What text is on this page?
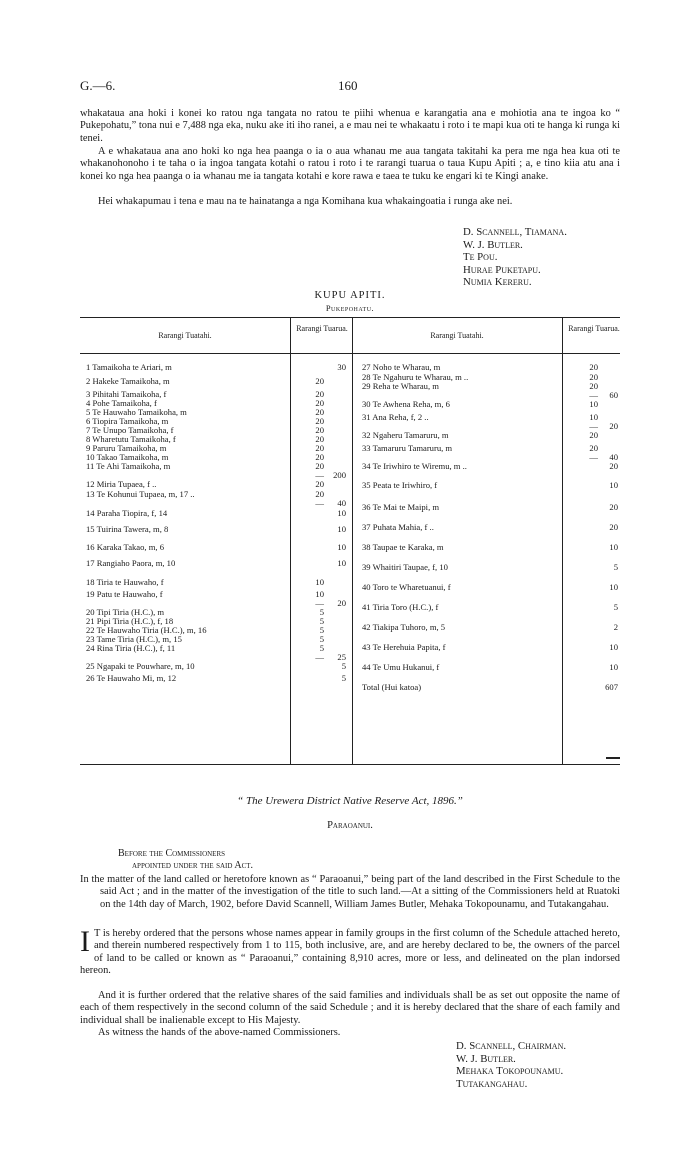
G.—6.	160
whakataua ana hoki i konei ko ratou nga tangata no ratou te piihi whenua e karangatia ana e mohiotia ana te ingoa ko “ Pukepohatu,” tona nui e 7,488 nga eka, nuku ake iti iho ranei, a e mau nei te whakaatu i roto i te mapi kua oti te hanga ki runga ki tenei.
A e whakataua ana ano hoki ko nga hea paanga o ia o aua whanau me aua tangata takitahi ka pera me nga hea kua oti te whakanohonoho i te taha o ia ingoa tangata kotahi o ratou i roto i te rarangi tuarua o taua Kupu Apiti ; a, e tino kiia atu ana i konei ko nga hea paanga o ia whanau me ia tangata kotahi e kore rawa e taea te tuku ke engari ki te Kingi anake.
Hei whakapumau i tena e mau na te hainatanga a nga Komihana kua whakaingoatia i runga ake nei.
D. Scannell, Tiamana.
W. J. Butler.
Te Pou.
Hurae Puketapu.
Numia Kereru.
KUPU APITI.
Pukepohatu.
Rarangi Tuatahi.
Rarangi Tuarua.
Rarangi Tuatahi.
Rarangi Tuarua.
1 Tamaikoha te Ariari, m	30
2 Hakeke Tamaikoha, m	20
3 Pihitahi Tamaikoha, f	20
4 Pohe Tamaikoha, f	20
5 Te Hauwaho Tamaikoha, m	20
6 Tiopira Tamaikoha, m	20
7 Te Unupo Tamaikoha, f	20
8 Wharetutu Tamaikoha, f	20
9 Paruru Tamaikoha, m	20
10 Takao Tamaikoha, m	20
11 Te Ahi Tamaikoha, m	20
—	200
12 Miria Tupaea, f ..	20
13 Te Kohunui Tupaea, m, 17 ..	20
—	40
14 Paraha Tiopira, f, 14	10
15 Tuirina Tawera, m, 8	10
16 Karaka Takao, m, 6	10
17 Rangiaho Paora, m, 10	10
18 Tiria te Hauwaho, f	10
19 Patu te Hauwaho, f	10
—	20
20 Tipi Tiria (H.C.), m	5
21 Pipi Tiria (H.C.), f, 18	5
22 Te Hauwaho Tiria (H.C.), m, 16	5
23 Tame Tiria (H.C.), m, 15	5
24 Rina Tiria (H.C.), f, 11	5
—	25
25 Ngapaki te Pouwhare, m, 10	5
26 Te Hauwaho Mi, m, 12	5
27 Noho te Wharau, m	20
28 Te Ngahuru te Wharau, m ..	20
29 Reha te Wharau, m	20
—	60
30 Te Awhena Reha, m, 6	10
31 Ana Reha, f, 2 ..	10
—	20
32 Ngaheru Tamaruru, m	20
33 Tamaruru Tamaruru, m	20
—	40
34 Te Iriwhiro te Wiremu, m ..	20
35 Peata te Iriwhiro, f	10
36 Te Mai te Maipi, m	20
37 Puhata Mahia, f ..	20
38 Taupae te Karaka, m	10
39 Whaitiri Taupae, f, 10	5
40 Toro te Wharetuanui, f	10
41 Tiria Toro (H.C.), f	5
42 Tiakipa Tuhoro, m, 5	2
43 Te Herehuia Papita, f	10
44 Te Umu Hukanui, f	10
Total (Hui katoa)	607
“ The Urewera District Native Reserve Act, 1896.”
Paraoanui.
Before the Commissioners
appointed under the said Act.
In the matter of the land called or heretofore known as “ Paraoanui,” being part of the land described in the First Schedule to the said Act ; and in the matter of the investigation of the title to such land.—At a sitting of the Commissioners held at Ruatoki on the 14th day of March, 1902, before David Scannell, William James Butler, Mehaka Tokopounamu, and Tutakangahau.
I T is hereby ordered that the persons whose names appear in family groups in the first column of the Schedule attached hereto, and therein numbered respectively from 1 to 115, both inclusive, are, and are hereby declared to be, the owners of the parcel of land to be called or known as “ Paraoanui,” containing 8,910 acres, more or less, and delineated on the plan indorsed hereon.
And it is further ordered that the relative shares of the said families and individuals shall be as set out opposite the name of each of them respectively in the second column of the said Schedule ; and it is hereby declared that the share of each family and individual shall be inalienable except to His Majesty.
As witness the hands of the above-named Commissioners.
D. Scannell, Chairman.
W. J. Butler.
Mehaka Tokopounamu.
Tutakangahau.
